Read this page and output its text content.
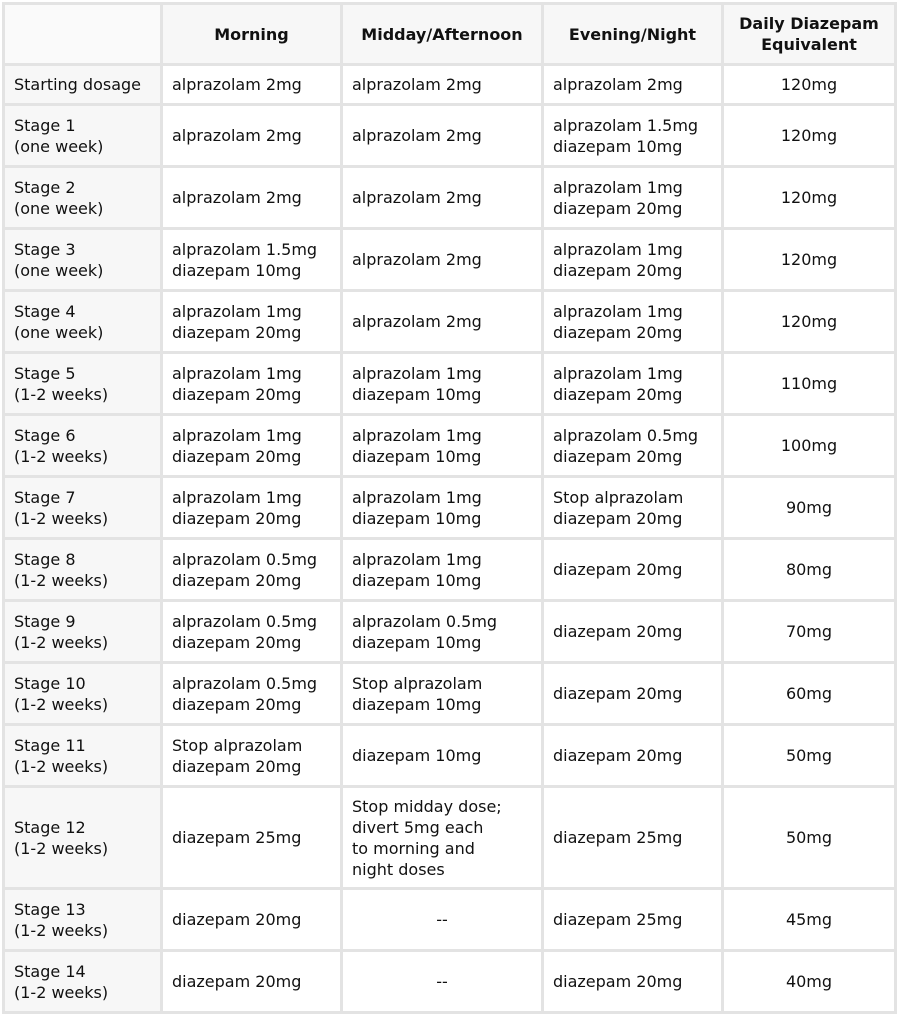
	Morning	Midday/Afternoon	Evening/Night	Daily Diazepam Equivalent

Starting dosage	alprazolam 2mg	alprazolam 2mg	alprazolam 2mg	120mg

Stage 1
(one week)	alprazolam 2mg	alprazolam 2mg	alprazolam 1.5mg
diazepam 10mg	120mg

Stage 2
(one week)	alprazolam 2mg	alprazolam 2mg	alprazolam 1mg
diazepam 20mg	120mg

Stage 3
(one week)	alprazolam 1.5mg
diazepam 10mg	alprazolam 2mg	alprazolam 1mg
diazepam 20mg	120mg

Stage 4
(one week)	alprazolam 1mg
diazepam 20mg	alprazolam 2mg	alprazolam 1mg
diazepam 20mg	120mg

Stage 5
(1-2 weeks)	alprazolam 1mg
diazepam 20mg	alprazolam 1mg
diazepam 10mg	alprazolam 1mg
diazepam 20mg	110mg

Stage 6
(1-2 weeks)	alprazolam 1mg
diazepam 20mg	alprazolam 1mg
diazepam 10mg	alprazolam 0.5mg
diazepam 20mg	100mg

Stage 7
(1-2 weeks)	alprazolam 1mg
diazepam 20mg	alprazolam 1mg
diazepam 10mg	Stop alprazolam
diazepam 20mg	90mg

Stage 8
(1-2 weeks)	alprazolam 0.5mg
diazepam 20mg	alprazolam 1mg
diazepam 10mg	diazepam 20mg	80mg

Stage 9
(1-2 weeks)	alprazolam 0.5mg
diazepam 20mg	alprazolam 0.5mg
diazepam 10mg	diazepam 20mg	70mg

Stage 10
(1-2 weeks)	alprazolam 0.5mg
diazepam 20mg	Stop alprazolam
diazepam 10mg	diazepam 20mg	60mg

Stage 11
(1-2 weeks)	Stop alprazolam
diazepam 20mg	diazepam 10mg	diazepam 20mg	50mg

Stage 12
(1-2 weeks)	diazepam 25mg	Stop midday dose;
divert 5mg each
to morning and
night doses	diazepam 25mg	50mg

Stage 13
(1-2 weeks)	diazepam 20mg	--	diazepam 25mg	45mg

Stage 14
(1-2 weeks)	diazepam 20mg	--	diazepam 20mg	40mg
